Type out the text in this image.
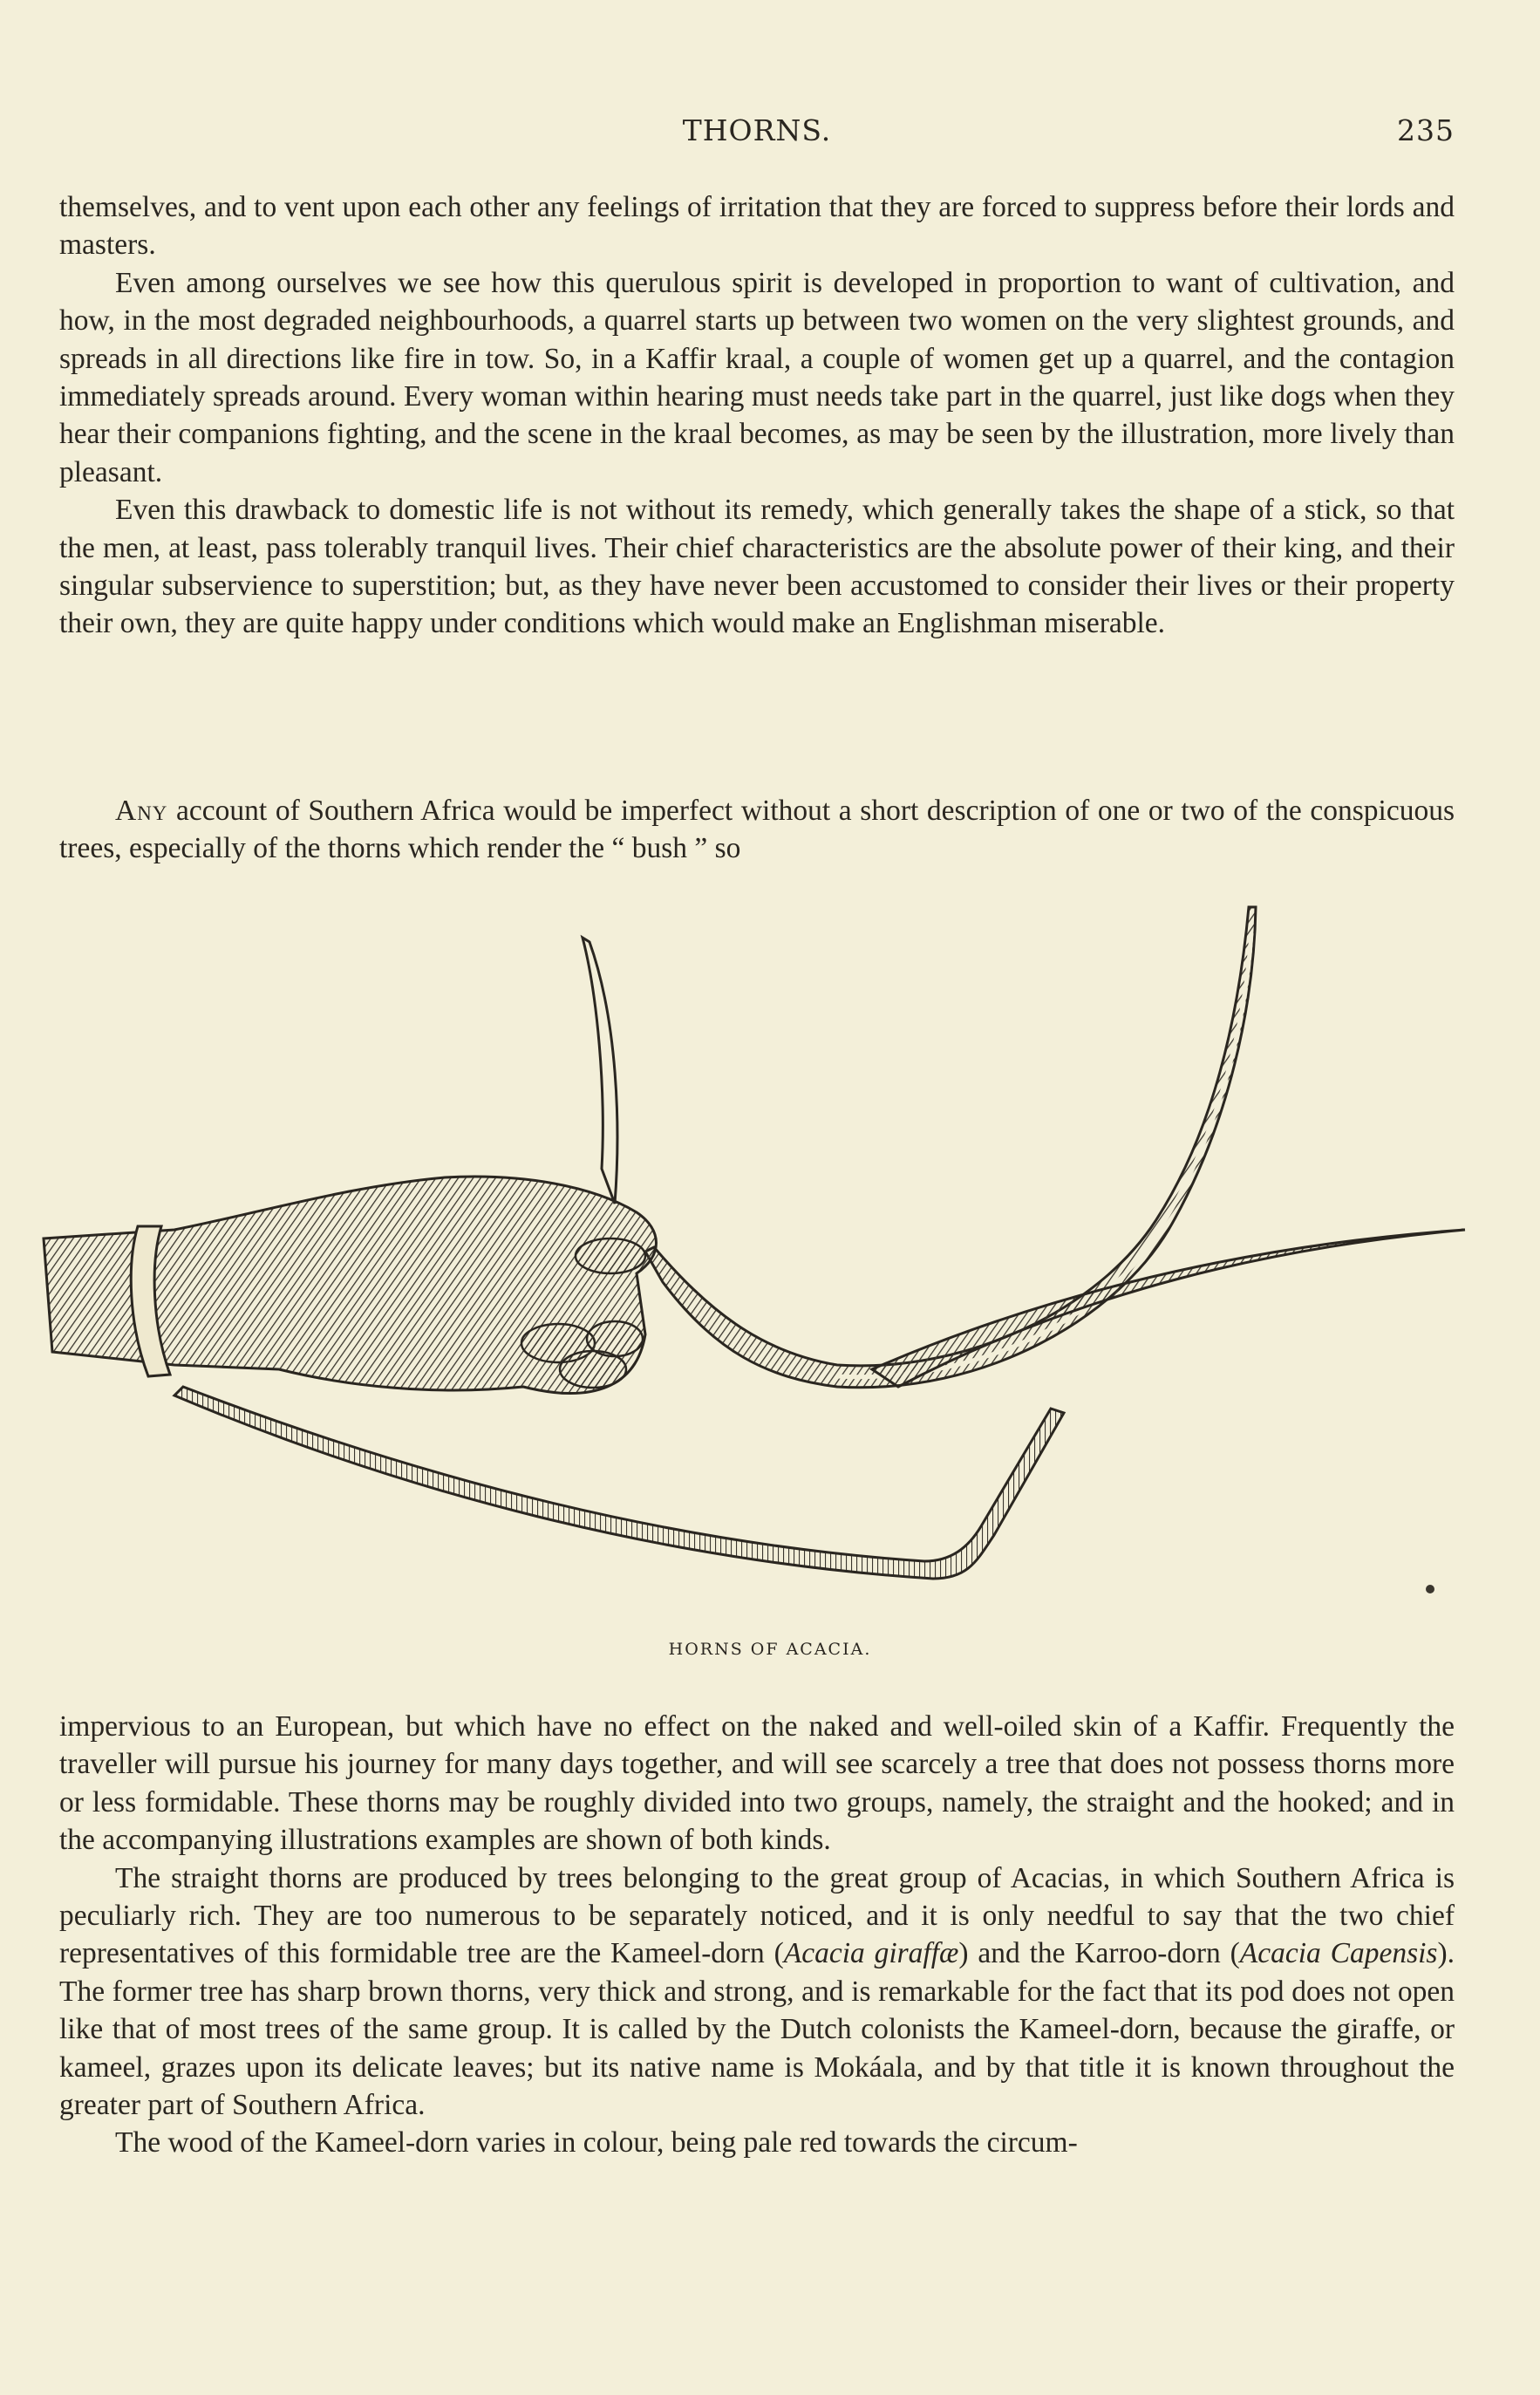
THORNS.	235

themselves, and to vent upon each other any feelings of irritation that they are forced to suppress before their lords and masters.

Even among ourselves we see how this querulous spirit is developed in proportion to want of cultivation, and how, in the most degraded neighbourhoods, a quarrel starts up between two women on the very slightest grounds, and spreads in all directions like fire in tow. So, in a Kaffir kraal, a couple of women get up a quarrel, and the contagion immediately spreads around. Every woman within hearing must needs take part in the quarrel, just like dogs when they hear their companions fighting, and the scene in the kraal becomes, as may be seen by the illustration, more lively than pleasant.

Even this drawback to domestic life is not without its remedy, which generally takes the shape of a stick, so that the men, at least, pass tolerably tranquil lives. Their chief characteristics are the absolute power of their king, and their singular subservience to superstition; but, as they have never been accustomed to consider their lives or their property their own, they are quite happy under conditions which would make an Englishman miserable.

Any account of Southern Africa would be imperfect without a short description of one or two of the conspicuous trees, especially of the thorns which render the “ bush ” so

HORNS OF ACACIA.

impervious to an European, but which have no effect on the naked and well-oiled skin of a Kaffir. Frequently the traveller will pursue his journey for many days together, and will see scarcely a tree that does not possess thorns more or less formidable. These thorns may be roughly divided into two groups, namely, the straight and the hooked; and in the accompanying illustrations examples are shown of both kinds.

The straight thorns are produced by trees belonging to the great group of Acacias, in which Southern Africa is peculiarly rich. They are too numerous to be separately noticed, and it is only needful to say that the two chief representatives of this formidable tree are the Kameel-dorn (Acacia giraffæ) and the Karroo-dorn (Acacia Capensis). The former tree has sharp brown thorns, very thick and strong, and is remarkable for the fact that its pod does not open like that of most trees of the same group. It is called by the Dutch colonists the Kameel-dorn, because the giraffe, or kameel, grazes upon its delicate leaves; but its native name is Mokáala, and by that title it is known throughout the greater part of Southern Africa.

The wood of the Kameel-dorn varies in colour, being pale red towards the circum-
